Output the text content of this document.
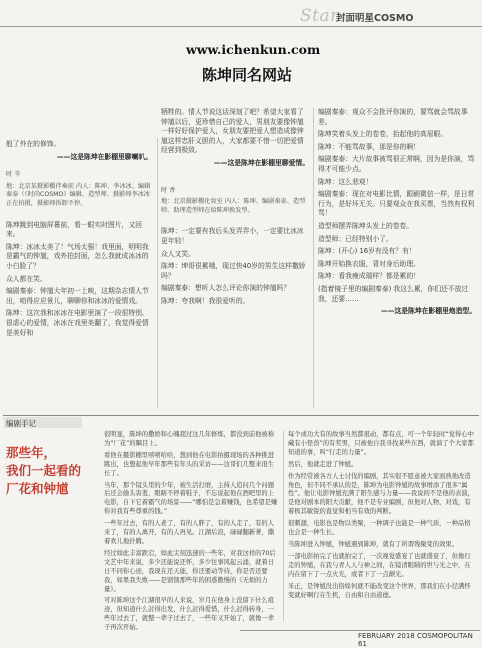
Star
封面明星COSMO
www.ichenkun.com
陈坤同名网站

般了外在的修饰。

——这是陈坤在影棚里聊喇叭。

时 辛

地：北京某摄影棚伴奏前 内人：陈坤、李冰冰、编辑秦泰（《时尚COSMO》编辑、造型师、摄影师李冰冰正在拍摄，摄影师拆卸不停。

陈坤跳到电脑屏幕前，看一眼实时图片，又回来。

陈坤：冰冰太美了！气场太强！戏里面，明明我是霸气的钟馗，戏外拍封面，怎么我就成冰冰的小白脸了？

众人都在笑。

编剧秦泰：钟馗大年初一上映，这期杂志情人节出，咱得应应景儿，聊聊你和冰冰的爱情戏。

陈坤：这次我和冰冰在电影里演了一段很特别、很虐心的爱情，冰冰在戏里美翻了，我觉得爱情是美好和

牺牲的。情人节说这话深刻了吧？希望大家看了钟馗以后，更珍惜自己的爱人，男朋友要像钟馗一样好好保护爱人，女朋友要把爱人塑造成像钟馗这样忠肝义胆的人，大家都要不惜一切把爱情经营到极致。

——这是陈坤在影棚里聊爱情。

时 香

地：北京摄影棚化妆室 内人：陈坤、编剧秦泰、造型师、助理造型师在给陈坤换发型。

陈坤：一定要有我后头发弄弄小，一定要比冰冰更年轻！

众人又笑。

陈坤：坤哥很累哦，现过快40岁的男生这样撒娇吗？

编剧秦泰：想听人怎么评论你演的钟馗吗？

陈坤：夸我啊！我很爱听的。

编剧秦泰：观众不会批评你演的，要骂就会骂故事差。

陈坤笑着头发上的卷卷，抬起他的高眉眼。

陈坤：不能骂故事，那是你的啊！

编剧秦泰：大片故事被骂很正常啊，因为是你演，骂得才可能少点。

陈坤：这么悲观！

编剧秦泰：现在对电影比情，跟刷微信一样，是日常行为，是好坏无关。只要观众在我买票，当然有权利骂！

造型师摆弄陈坤头发上的卷卷。

造型师：已经特别小了。

陈坤：(开心) 16岁有没有？有！

陈坤开始换衣服，背对身后助理。

陈坤：看我瘦成瑞样？都是累的！

(指着镜子里的编剧秦泰) 我这么累，你们还不放过我，还要……

——这是陈坤在影棚里炮造型。
编剧手记
那些年，
我们一起看的
厂花和钟馗

很明显，陈坤的撒娇和心魄超过这几年修炼，都没到前他被称为“厂花”的瞩目上。

看他在摄影棚里嘻嘻哈哈，想到他在电影拍摄现场的各种挑进跳出，也想起他早年那些有年头的采访——这哥们几整来很生长了。

当年，那个镜头里的少年，被生活打磨，主持人追问几个问题后还会偷头害羞，眼睛不停着鞋子，不忘说起他在酒吧里的上电影，自下它着霸气的场景——“哪怕是急着赚钱，也希望是赚你对我有些尊重的钱。”

一些年过去，有的人老了，有的人胖了，有的人走了，有的人来了，有的人离开，有的人再见。江湖后浪，碌碌翻新著，撕着欢儿地扑腾。

经过如此丰富跌宕，如此尖刻迅速的一些年，对我这样的70后文艺中年来说，多少还能说还怀，多少往事风起云涌，就着日日不同你心迹，我现在还天能，你还要动等待，你是否还要我，如果我失败——是馈馈那些年的困惑傲慢的《无烦的力量》。

可对陈坤这个江湖很早的人来说，岁月在他身上没留下什么痕迹，但知道什么討得出发，什么討得爱惜，什么討得转身，一些年过去了，就整一辈子过去了，一些年又开始了，就像一辈子再次开始。

每个成功大有的故事当然都很动，都有点，可一个年轻时“觉得心中藏有小怪兽”的有奖男，只被他自我寻找某些东西，就倘了个大家都知道的事，叫“行走的力量”。

然后，他就走进了钟馗。

作为经常被各方人士讨伐的编剧，其实很不愿意被大家面熟他改造角色，但不同不承认的是，陈坤为电影钟馗的故事增添了很多“属性”。他让电影钟馗充满了阳生感与力量——我说的不是他的表演，是他对剧本的阳大贡献，他不是专业编剧，但他对人物，对戏，有着极其敏锐的直觉和相当有效的判断。

很刺激，电影也是物以类聚，一种调子也能是一种气质，一种品格也会是一种生长。

当陈坤进入钟馗，钟馗遇到陈坤，就有了所谓残聚变的效果。

一部电影拍完了也就拍完了，一次视觉盛宴了也就盛宴了，但像行走的钟馗，在我与青人人与神之间，在镜清眼睛的世与光之中，在内在留下了一点火光，或者下了一点颠光。

米正，是钟馗没出俗如何就不能改变这个世界，那我们在小径满怀变就好啊行在生机，自由和自由道德。

FEBRUARY 2018 COSMOPOLITAN 61
